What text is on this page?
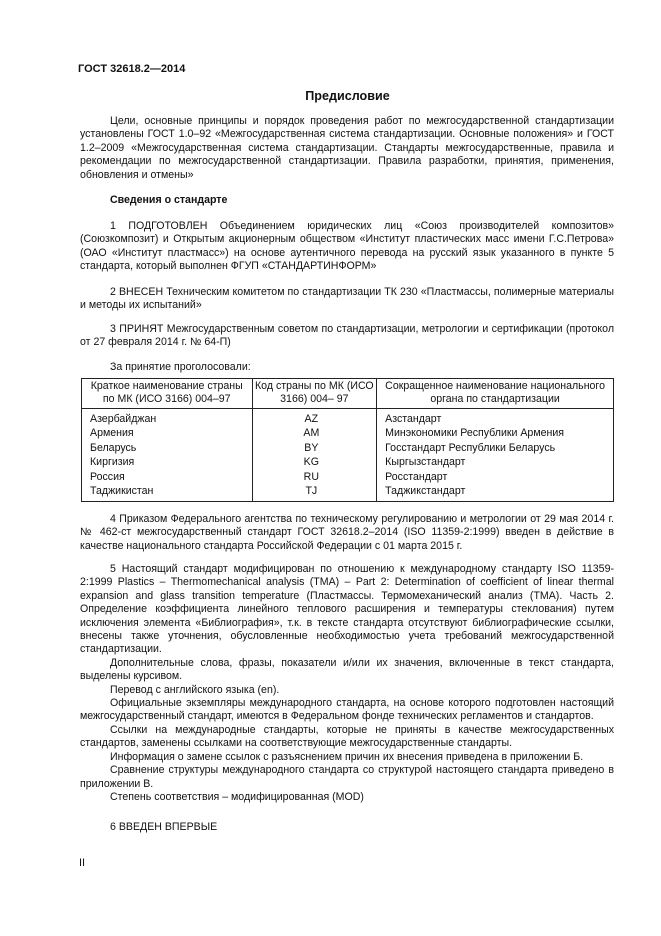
ГОСТ 32618.2—2014
Предисловие

Цели, основные принципы и порядок проведения работ по межгосударственной стандартизации установлены ГОСТ 1.0–92 «Межгосударственная система стандартизации. Основные положения» и ГОСТ 1.2–2009 «Межгосударственная система стандартизации. Стандарты межгосударственные, правила и рекомендации по межгосударственной стандартизации. Правила разработки, принятия, применения, обновления и отмены»

Сведения о стандарте

1 ПОДГОТОВЛЕН Объединением юридических лиц «Союз производителей композитов» (Союзкомпозит) и Открытым акционерным обществом «Институт пластических масс имени Г.С.Петрова» (ОАО «Институт пластмасс») на основе аутентичного перевода на русский язык указанного в пункте 5 стандарта, который выполнен ФГУП «СТАНДАРТИНФОРМ»

2 ВНЕСЕН Техническим комитетом по стандартизации ТК 230 «Пластмассы, полимерные материалы и методы их испытаний»

3 ПРИНЯТ Межгосударственным советом по стандартизации, метрологии и сертификации (протокол от 27 февраля 2014 г. № 64-П)

За принятие проголосовали:

Краткое наименование страны по МК (ИСО 3166) 004–97	Код страны по МК (ИСО 3166) 004– 97	Сокращенное наименование национального органа по стандартизации
Азербайджан	AZ	Азстандарт
Армения	AM	Минэкономики Республики Армения
Беларусь	BY	Госстандарт Республики Беларусь
Киргизия	KG	Кыргызстандарт
Россия	RU	Росстандарт
Таджикистан	TJ	Таджикстандарт

4 Приказом Федерального агентства по техническому регулированию и метрологии от 29 мая 2014 г. № 462-ст межгосударственный стандарт ГОСТ 32618.2–2014 (ISO 11359-2:1999) введен в действие в качестве национального стандарта Российской Федерации с 01 марта 2015 г.

5 Настоящий стандарт модифицирован по отношению к международному стандарту ISO 11359-2:1999 Plastics – Thermomechanical analysis (TMA) – Part 2: Determination of coefficient of linear thermal expansion and glass transition temperature (Пластмассы. Термомеханический анализ (ТМА). Часть 2. Определение коэффициента линейного теплового расширения и температуры стеклования) путем исключения элемента «Библиография», т.к. в тексте стандарта отсутствуют библиографические ссылки, внесены также уточнения, обусловленные необходимостью учета требований межгосударственной стандартизации.

Дополнительные слова, фразы, показатели и/или их значения, включенные в текст стандарта, выделены курсивом.

Перевод с английского языка (en).

Официальные экземпляры международного стандарта, на основе которого подготовлен настоящий межгосударственный стандарт, имеются в Федеральном фонде технических регламентов и стандартов.

Ссылки на международные стандарты, которые не приняты в качестве межгосударственных стандартов, заменены ссылками на соответствующие межгосударственные стандарты.

Информация о замене ссылок с разъяснением причин их внесения приведена в приложении Б.

Сравнение структуры международного стандарта со структурой настоящего стандарта приведено в приложении В.

Степень соответствия – модифицированная (MOD)

6 ВВЕДЕН ВПЕРВЫЕ

II
